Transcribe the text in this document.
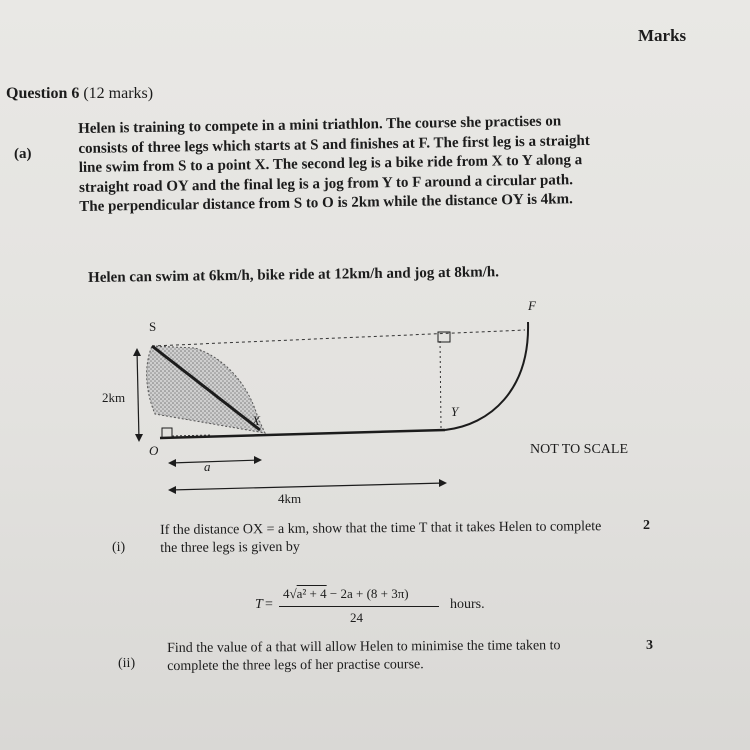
Marks
Question 6 (12 marks)
(a)
Helen is training to compete in a mini triathlon. The course she practises on consists of three legs which starts at S and finishes at F. The first leg is a straight line swim from S to a point X. The second leg is a bike ride from X to Y along a straight road OY and the final leg is a jog from Y to F around a circular path. The perpendicular distance from S to O is 2km while the distance OY is 4km.
Helen can swim at 6km/h, bike ride at 12km/h and jog at 8km/h.
S
F
X
Y
O
2km
a
4km
NOT TO SCALE
(i)
If the distance OX = a km, show that the time T that it takes Helen to complete the three legs is given by
2
T =
4√a² + 4 − 2a + (8 + 3π)
24
hours.
(ii)
Find the value of a that will allow Helen to minimise the time taken to complete the three legs of her practise course.
3
